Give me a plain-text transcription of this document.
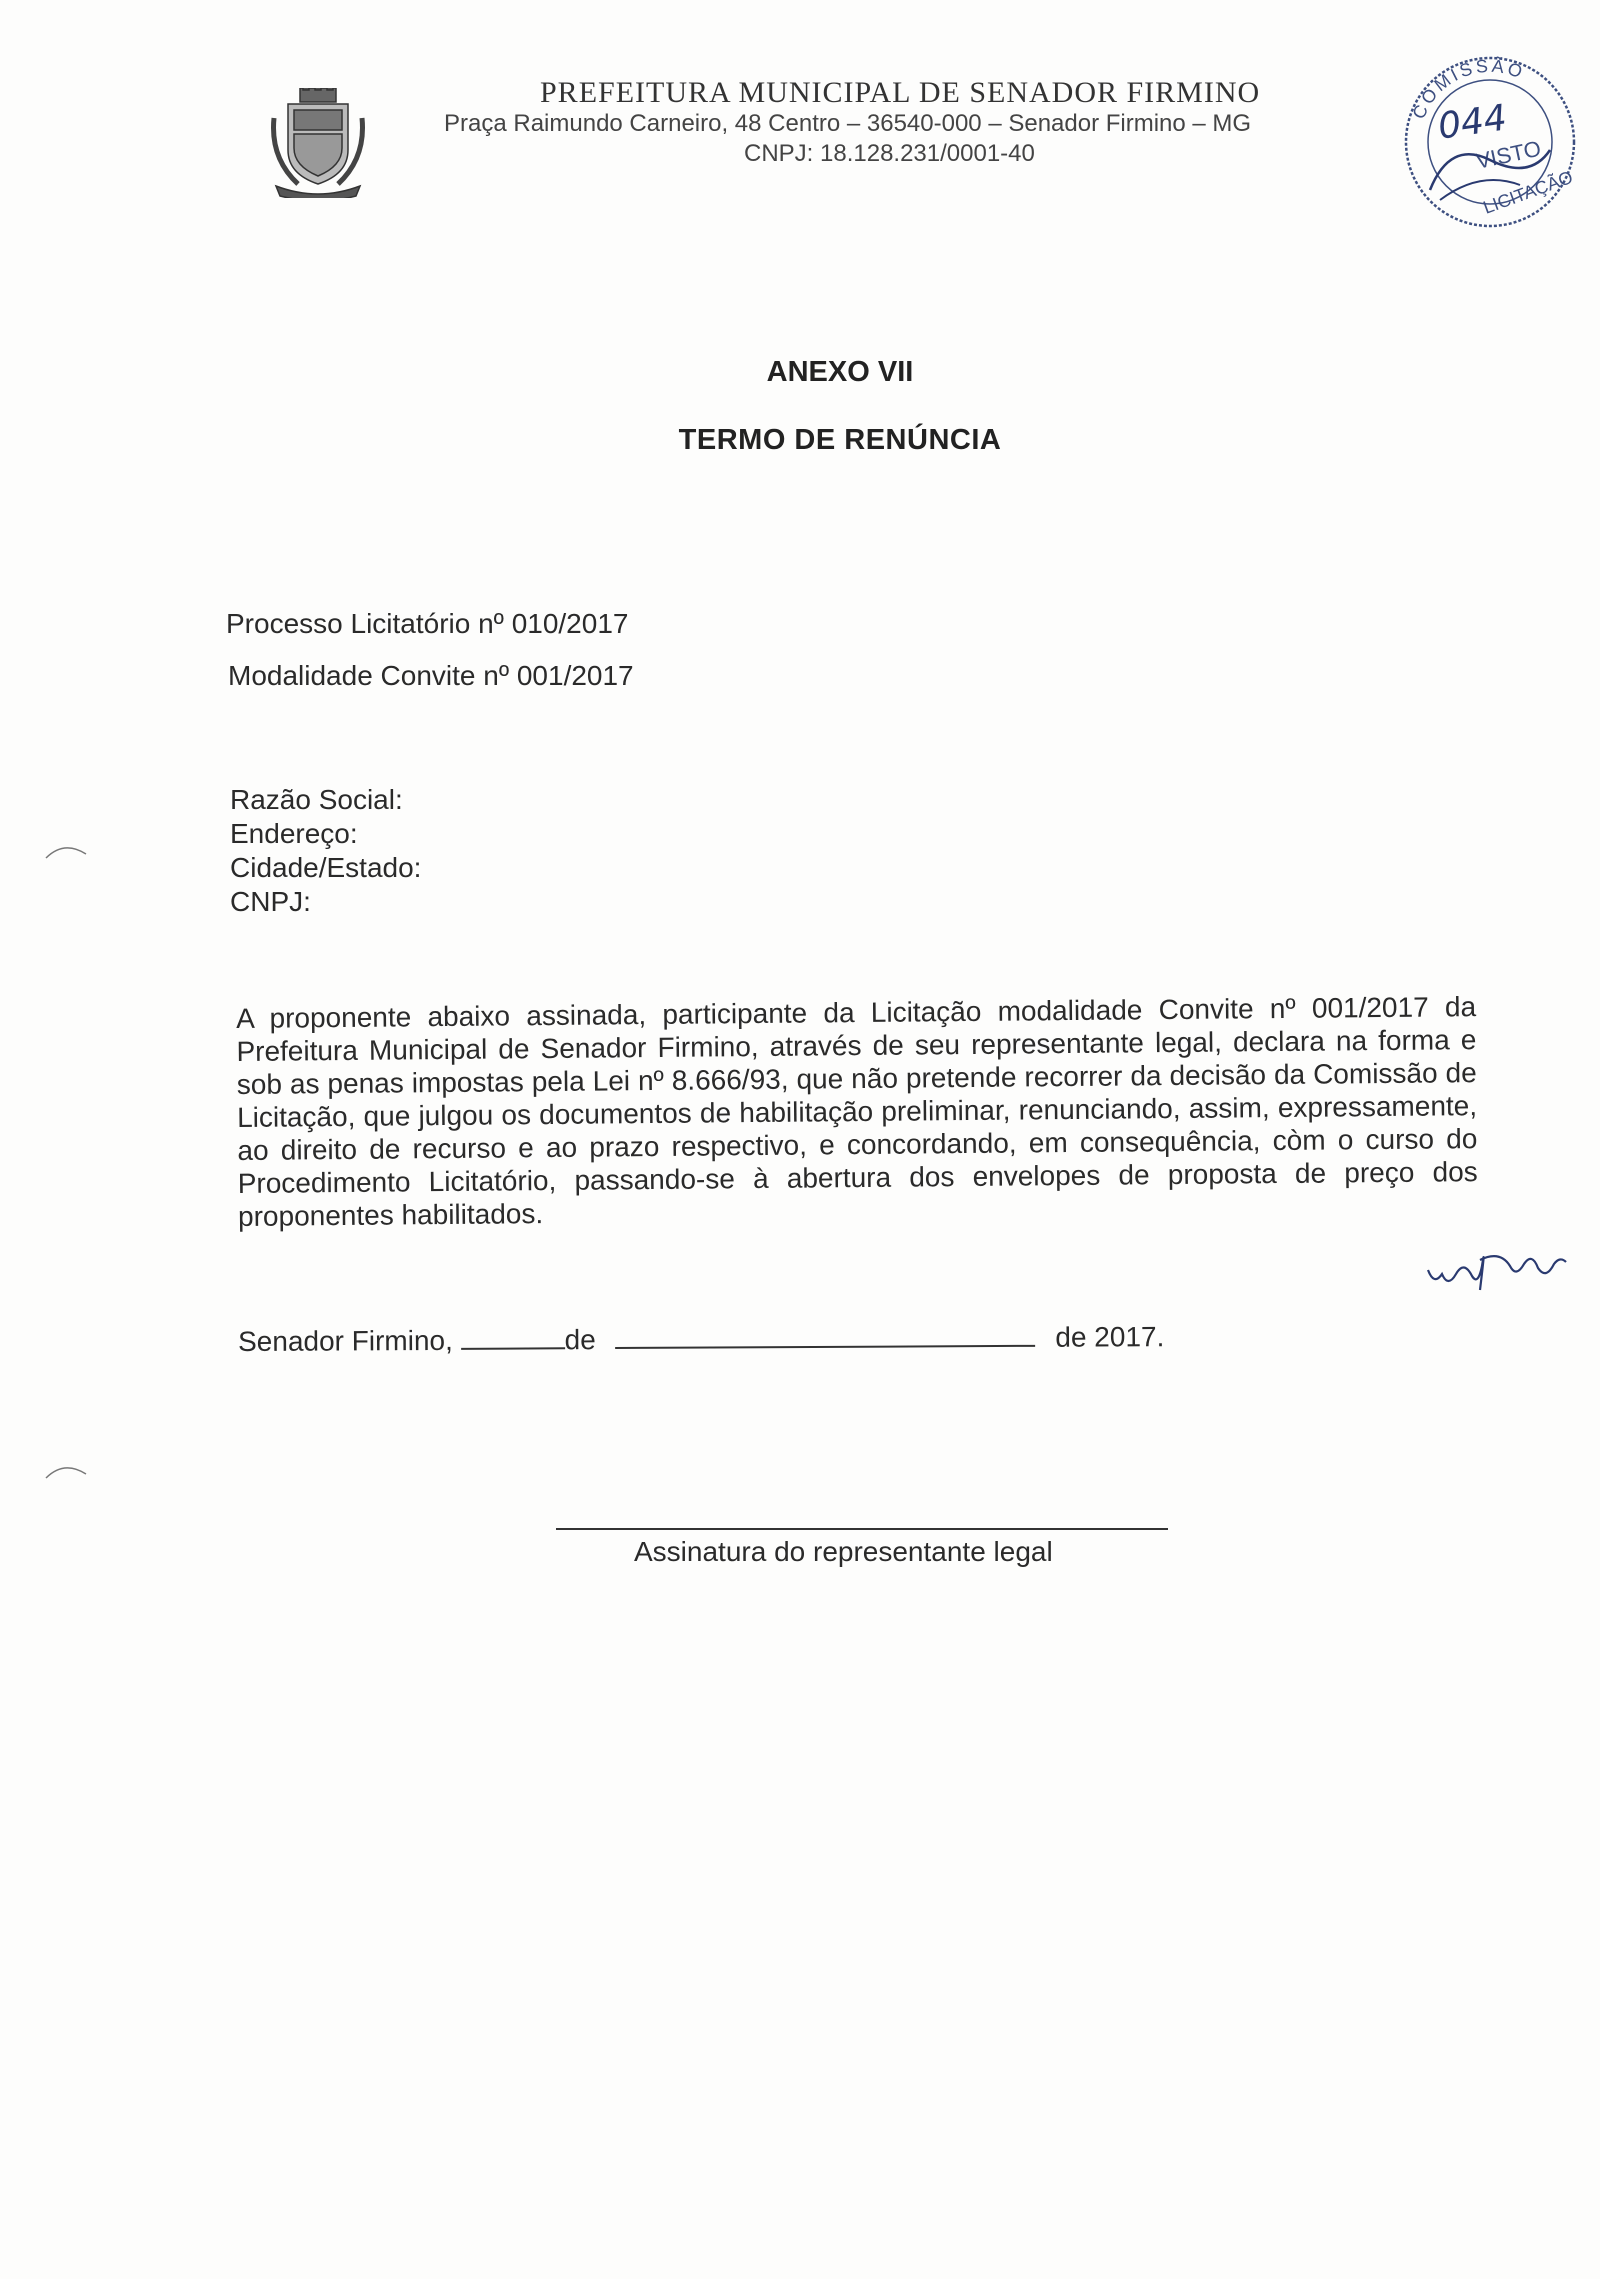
PREFEITURA MUNICIPAL DE SENADOR FIRMINO
Praça Raimundo Carneiro, 48 Centro – 36540-000 – Senador Firmino – MG
CNPJ: 18.128.231/0001-40
COMISSÃO
044
VISTO
LICITAÇÃO
ANEXO VII
TERMO DE RENÚNCIA
Processo Licitatório nº 010/2017
Modalidade Convite nº 001/2017
Razão Social:
Endereço:
Cidade/Estado:
CNPJ:
A proponente abaixo assinada, participante da Licitação modalidade Convite nº 001/2017 da Prefeitura Municipal de Senador Firmino, através de seu representante legal, declara na forma e sob as penas impostas pela Lei nº 8.666/93, que não pretende recorrer da decisão da Comissão de Licitação, que julgou os documentos de habilitação preliminar, renunciando, assim, expressamente, ao direito de recurso e ao prazo respectivo, e concordando, em consequência, còm o curso do Procedimento Licitatório, passando-se à abertura dos envelopes de proposta de preço dos proponentes habilitados.
Senador Firmino,	de	de 2017.
Assinatura do representante legal
